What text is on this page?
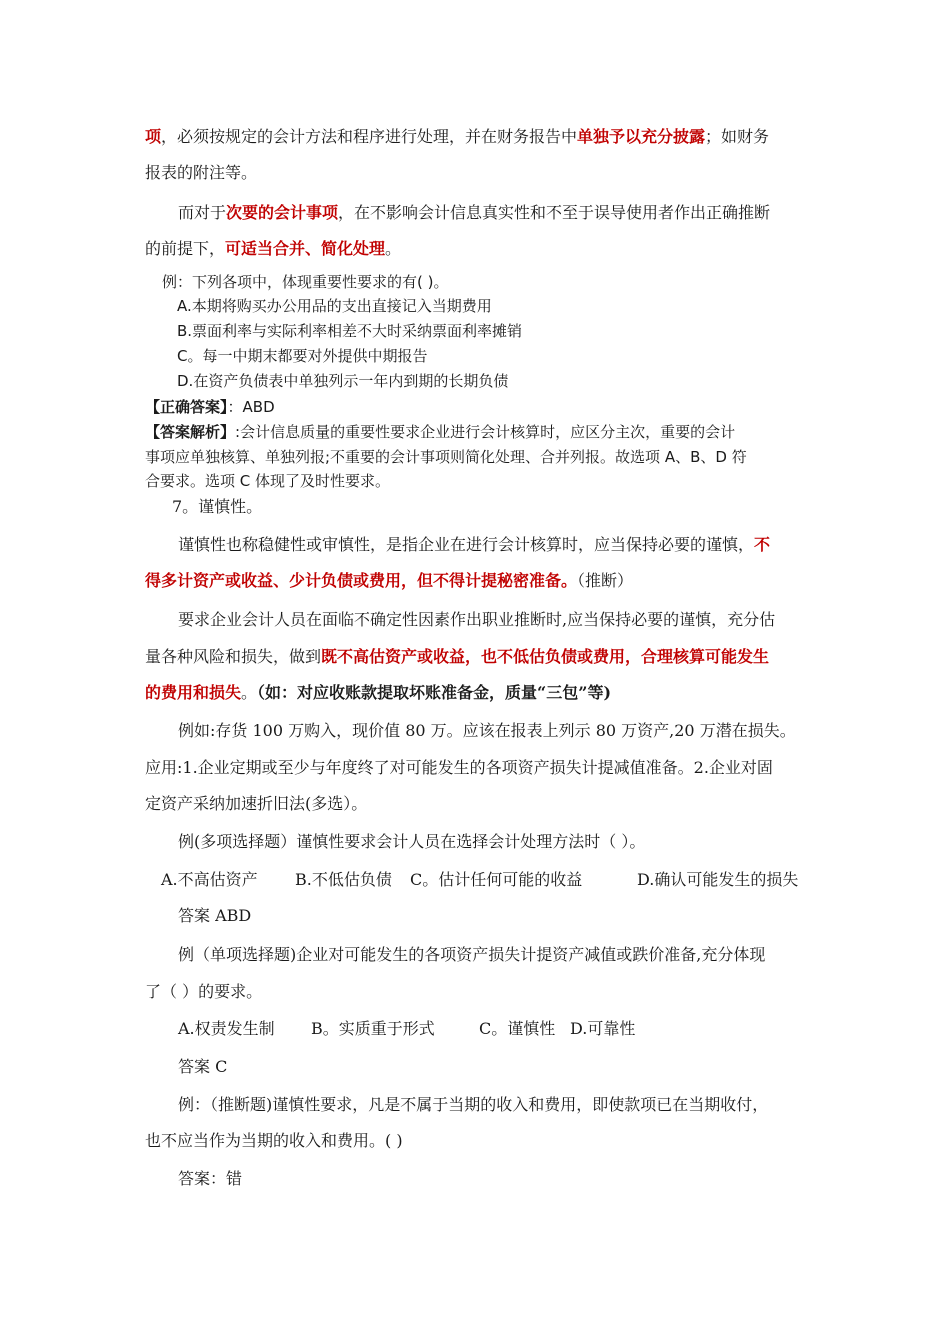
项，必须按规定的会计方法和程序进行处理，并在财务报告中单独予以充分披露；如财务
报表的附注等。
而对于次要的会计事项，在不影响会计信息真实性和不至于误导使用者作出正确推断
的前提下，可适当合并、简化处理。
例：下列各项中，体现重要性要求的有( )。
A.本期将购买办公用品的支出直接记入当期费用
B.票面利率与实际利率相差不大时采纳票面利率摊销
C。每一中期末都要对外提供中期报告
D.在资产负债表中单独列示一年内到期的长期负债
【正确答案】：ABD
【答案解析】:会计信息质量的重要性要求企业进行会计核算时，应区分主次，重要的会计
事项应单独核算、单独列报;不重要的会计事项则简化处理、合并列报。故选项 A、B、D 符
合要求。选项 C 体现了及时性要求。
7。谨慎性。
谨慎性也称稳健性或审慎性，是指企业在进行会计核算时，应当保持必要的谨慎，不
得多计资产或收益、少计负债或费用，但不得计提秘密准备。（推断）
要求企业会计人员在面临不确定性因素作出职业推断时,应当保持必要的谨慎，充分估
量各种风险和损失，做到既不高估资产或收益，也不低估负债或费用，合理核算可能发生
的费用和损失。（如：对应收账款提取坏账准备金，质量“三包”等)
例如:存货 100 万购入，现价值 80 万。应该在报表上列示 80 万资产,20 万潜在损失。
应用:1.企业定期或至少与年度终了对可能发生的各项资产损失计提减值准备。2.企业对固
定资产采纳加速折旧法(多选）。
例(多项选择题）谨慎性要求会计人员在选择会计处理方法时（ ）。
A.不高估资产 B.不低估负债 C。估计任何可能的收益	D.确认可能发生的损失
答案 ABD
例（单项选择题)企业对可能发生的各项资产损失计提资产减值或跌价准备,充分体现
了（ ）的要求。
A.权责发生制 B。实质重于形式	C。谨慎性 D.可靠性
答案 C
例：（推断题)谨慎性要求，凡是不属于当期的收入和费用，即使款项已在当期收付，
也不应当作为当期的收入和费用。( )
答案：错
